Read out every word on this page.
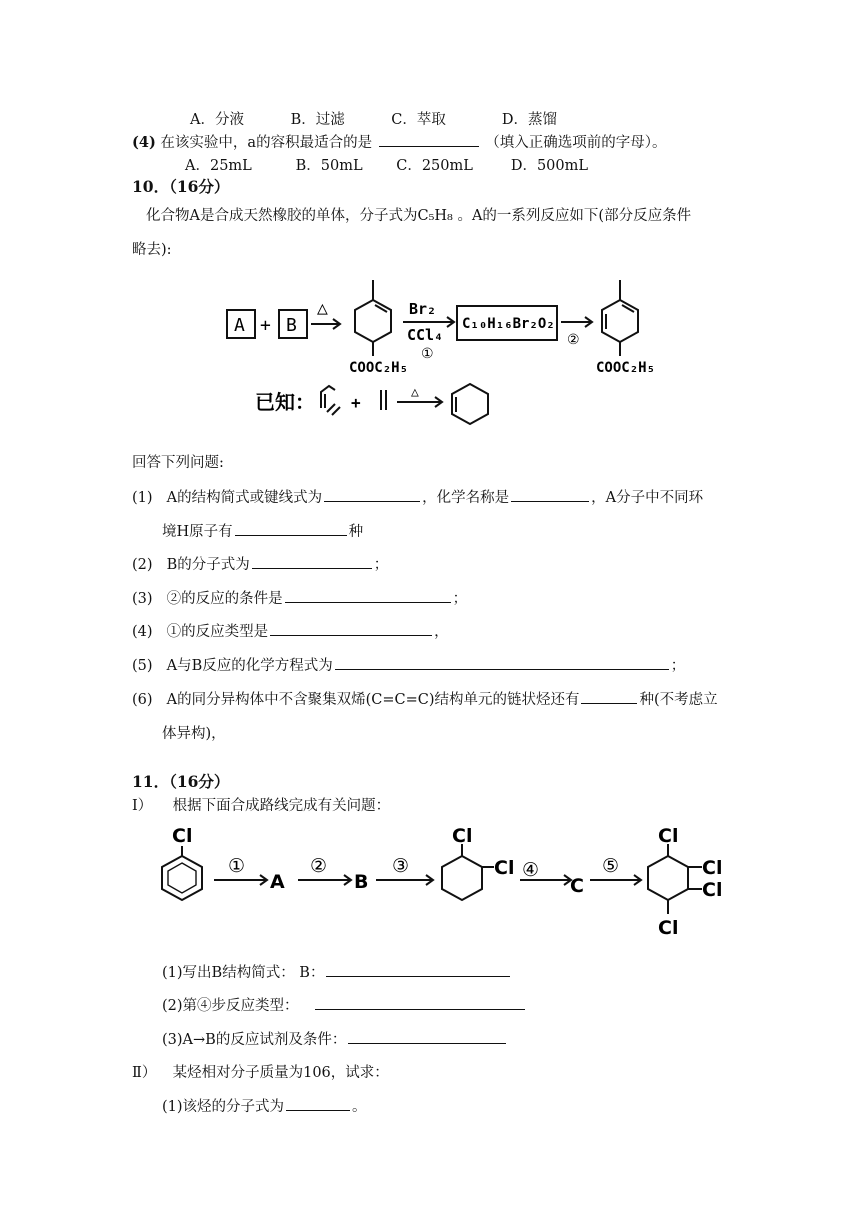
A．分液	B．过滤	C．萃取	D．蒸馏
(4) 在该实验中，a的容积最适合的是	（填入正确选项前的字母）。
A．25mL	B．50mL C．250mL	D．500mL
10．（16分）
化合物A是合成天然橡胶的单体，分子式为C₅H₈ 。A的一系列反应如下(部分反应条件
略去):
A + B
△
COOC₂H₅
Br₂
CCl₄
①
C₁₀H₁₆Br₂O₂
②
COOC₂H₅
已知： +
△
回答下列问题:
(1) A的结构简式或键线式为	，化学名称是	，A分子中不同环
境H原子有	种
(2) B的分子式为	；
(3) ②的反应的条件是	；
(4) ①的反应类型是	，
(5) A与B反应的化学方程式为	；
(6) A的同分异构体中不含聚集双烯(C=C=C)结构单元的链状烃还有	种(不考虑立
体异构)，
11．（16分）
Ⅰ） 根据下面合成路线完成有关问题：
Cl
①
A
②
B
③
Cl
Cl ④
C
⑤
Cl
Cl
Cl
Cl
(1)写出B结构简式： B：
(2)第④步反应类型：
(3)A→B的反应试剂及条件：
Ⅱ） 某烃相对分子质量为106，试求：
(1)该烃的分子式为	。
